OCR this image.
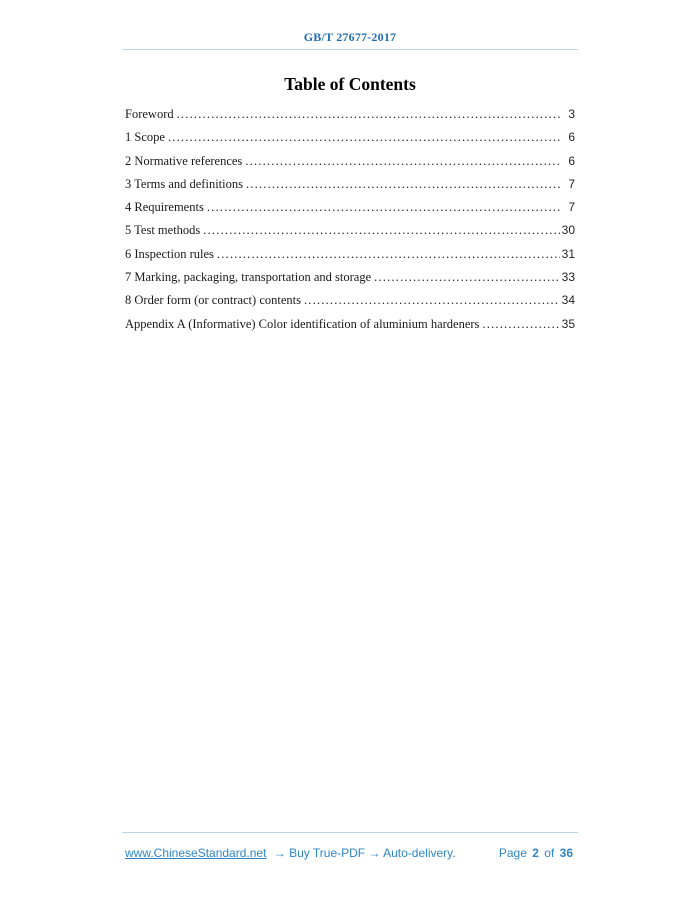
GB/T 27677-2017
Table of Contents
Foreword .....	3
1 Scope .....	6
2 Normative references .....	6
3 Terms and definitions .....	7
4 Requirements .....	7
5 Test methods .....	30
6 Inspection rules .....	31
7 Marking, packaging, transportation and storage .....	33
8 Order form (or contract) contents .....	34
Appendix A (Informative) Color identification of aluminium hardeners .....	35
www.ChineseStandard.net → Buy True-PDF → Auto-delivery.	Page 2 of 36
